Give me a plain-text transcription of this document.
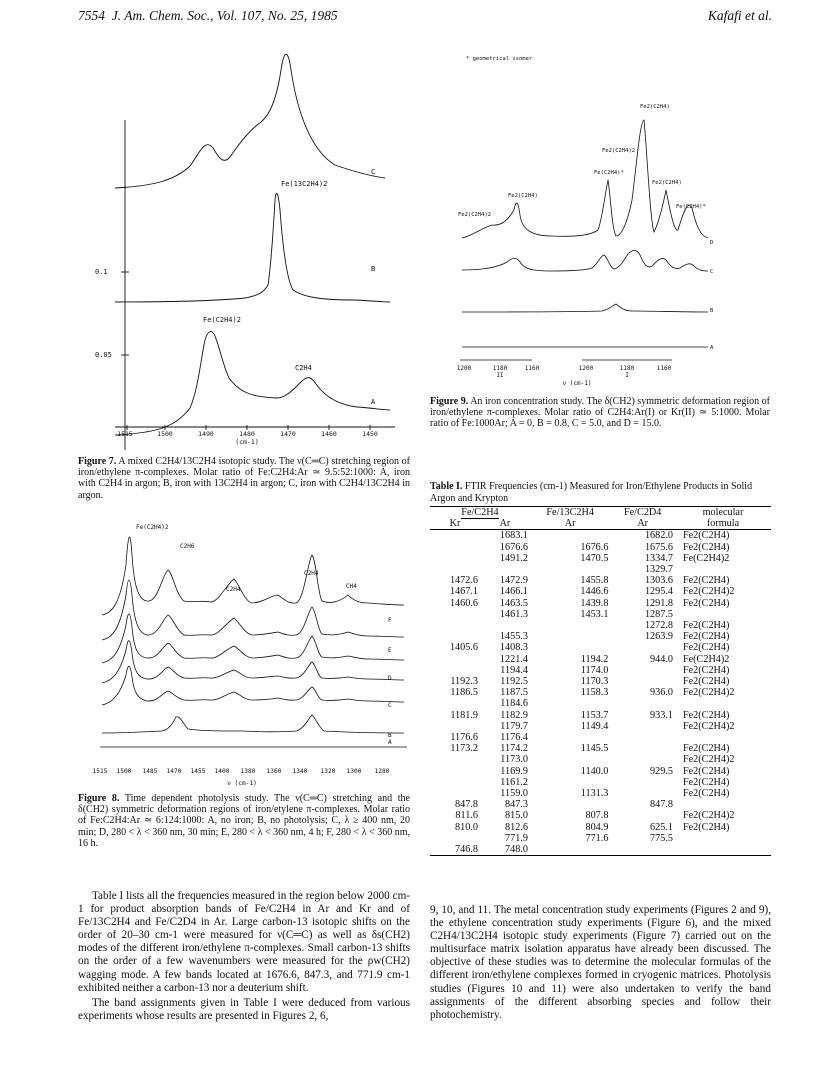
7554 J. Am. Chem. Soc., Vol. 107, No. 25, 1985	Kafafi et al.
0.1
0.05
C
B
A
Fe(13C2H4)2
Fe(C2H4)2
C2H4
1515	1500	1490	1480	1470	1460	1450
(cm-1)
Figure 7. A mixed C2H4/13C2H4 isotopic study. The ν(C═C) stretching region of iron/ethylene π-complexes. Molar ratio of Fe:C2H4:Ar ≃ 9.5:52:1000: A, iron with C2H4 in argon; B, iron with 13C2H4 in argon; C, iron with C2H4/13C2H4 in argon.
Fe(C2H4)2
C2H6
C2H4
C2H4	CH4
F
E
D
C
B
A
1515 1500 1485 1470 1455 1400 1380 1360 1340 1320 1300 1280
ν (cm-1)
Figure 8. Time dependent photolysis study. The ν(C═C) stretching and the δ(CH2) symmetric deformation regions of iron/etylene π-complexes. Molar ratio of Fe:C2H4:Ar ≃ 6:124:1000: A, no iron; B, no photolysis; C, λ ≥ 400 nm, 20 min; D, 280 < λ < 360 nm, 30 min; E, 280 < λ < 360 nm, 4 h; F, 280 < λ < 360 nm, 16 h.
* geometrical isomer
Fe2(C2H4)
Fe2(C2H4)2
Fe(C2H4)*
Fe2(C2H4)
Fe(C2H4)*
Fe2(C2H4)
Fe2(C2H4)2
D
C
B
A
1200	1180	1160	1200	1180	1160
II	I
ν (cm-1)
Figure 9. An iron concentration study. The δ(CH2) symmetric deformation region of iron/ethylene π-complexes. Molar ratio of C2H4:Ar(I) or Kr(II) ≃ 5:1000. Molar ratio of Fe:1000Ar; A = 0, B = 0.8, C = 5.0, and D = 15.0.
Table I. FTIR Frequencies (cm-1) Measured for Iron/Ethylene Products in Solid Argon and Krypton
Fe/C2H4		Fe/13C2H4	Fe/C2D4	molecular
Kr	Ar	Ar	Ar	formula
	1683.1		1682.0	Fe2(C2H4)
	1676.6	1676.6	1675.6	Fe2(C2H4)
	1491.2	1470.5	1334.7	Fe(C2H4)2
			1329.7	
1472.6	1472.9	1455.8	1303.6	Fe2(C2H4)
1467.1	1466.1	1446.6	1295.4	Fe2(C2H4)2
1460.6	1463.5	1439.8	1291.8	Fe2(C2H4)
	1461.3	1453.1	1287.5	
			1272.8	Fe2(C2H4)
	1455.3		1263.9	Fe2(C2H4)
1405.6	1408.3			Fe2(C2H4)
	1221.4	1194.2	944.0	Fe(C2H4)2
	1194.4	1174.0		Fe2(C2H4)
1192.3	1192.5	1170.3		Fe2(C2H4)
1186.5	1187.5	1158.3	936.0	Fe2(C2H4)2
	1184.6			
1181.9	1182.9	1153.7	933.1	Fe2(C2H4)
	1179.7	1149.4		Fe2(C2H4)2
1176.6	1176.4			
1173.2	1174.2	1145.5		Fe2(C2H4)
	1173.0			Fe2(C2H4)2
	1169.9	1140.0	929.5	Fe2(C2H4)
	1161.2			Fe2(C2H4)
	1159.0	1131.3		Fe2(C2H4)
847.8	847.3		847.8	
811.6	815.0	807.8		Fe2(C2H4)2
810.0	812.6	804.9	625.1	Fe2(C2H4)
	771.9	771.6	775.5	
746.8	748.0			

Table I lists all the frequencies measured in the region below 2000 cm-1 for product absorption bands of Fe/C2H4 in Ar and Kr and of Fe/13C2H4 and Fe/C2D4 in Ar. Large carbon-13 isotopic shifts on the order of 20–30 cm-1 were measured for ν(C═C) as well as δs(CH2) modes of the different iron/ethylene π-complexes. Small carbon-13 shifts on the order of a few wavenumbers were measured for the ρw(CH2) wagging mode. A few bands located at 1676.6, 847.3, and 771.9 cm-1 exhibited neither a carbon-13 nor a deuterium shift.

The band assignments given in Table I were deduced from various experiments whose results are presented in Figures 2, 6,

9, 10, and 11. The metal concentration study experiments (Figures 2 and 9), the ethylene concentration study experiments (Figure 6), and the mixed C2H4/13C2H4 isotopic study experiments (Figure 7) carried out on the multisurface matrix isolation apparatus have already been discussed. The objective of these studies was to determine the molecular formulas of the different iron/ethylene complexes formed in cryogenic matrices. Photolysis studies (Figures 10 and 11) were also undertaken to verify the band assignments of the different absorbing species and follow their photochemistry.
